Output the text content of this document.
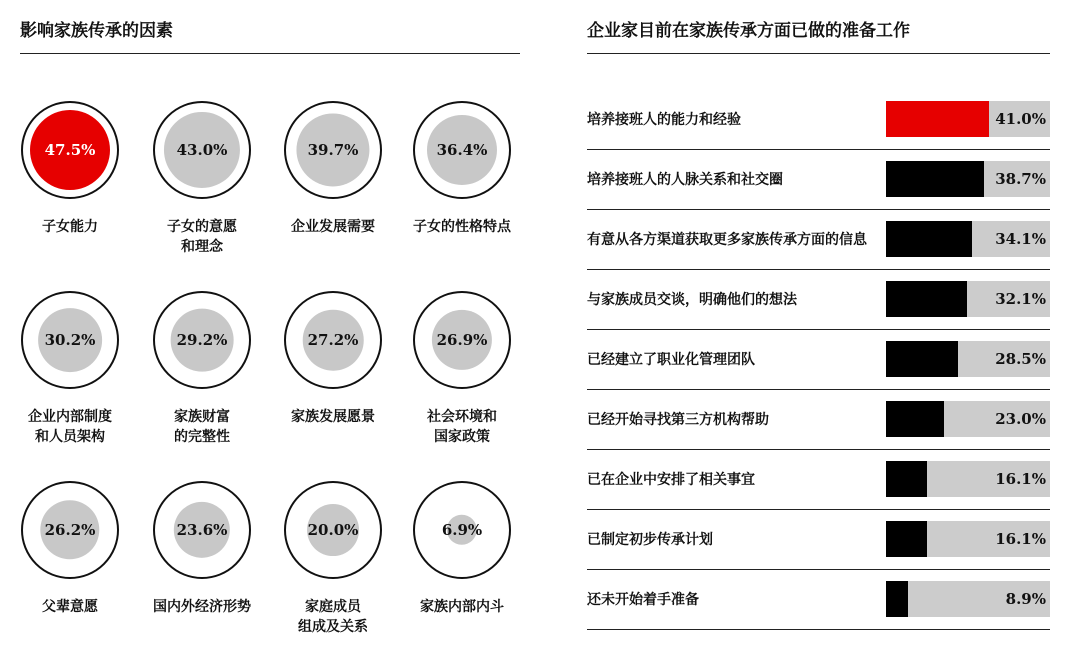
影响家族传承的因素	企业家目前在家族传承方面已做的准备工作
47.5%
子女能力
43.0%
子女的意愿
和理念
39.7%
企业发展需要
36.4%
子女的性格特点
30.2%
企业内部制度
和人员架构
29.2%
家族财富
的完整性
27.2%
家族发展愿景
26.9%
社会环境和
国家政策
26.2%
父辈意愿
23.6%
国内外经济形势
20.0%
家庭成员
组成及关系
6.9%
家族内部内斗
培养接班人的能力和经验	41.0%
培养接班人的人脉关系和社交圈	38.7%
有意从各方渠道获取更多家族传承方面的信息	34.1%
与家族成员交谈，明确他们的想法	32.1%
已经建立了职业化管理团队	28.5%
已经开始寻找第三方机构帮助	23.0%
已在企业中安排了相关事宜	16.1%
已制定初步传承计划	16.1%
还未开始着手准备	8.9%
